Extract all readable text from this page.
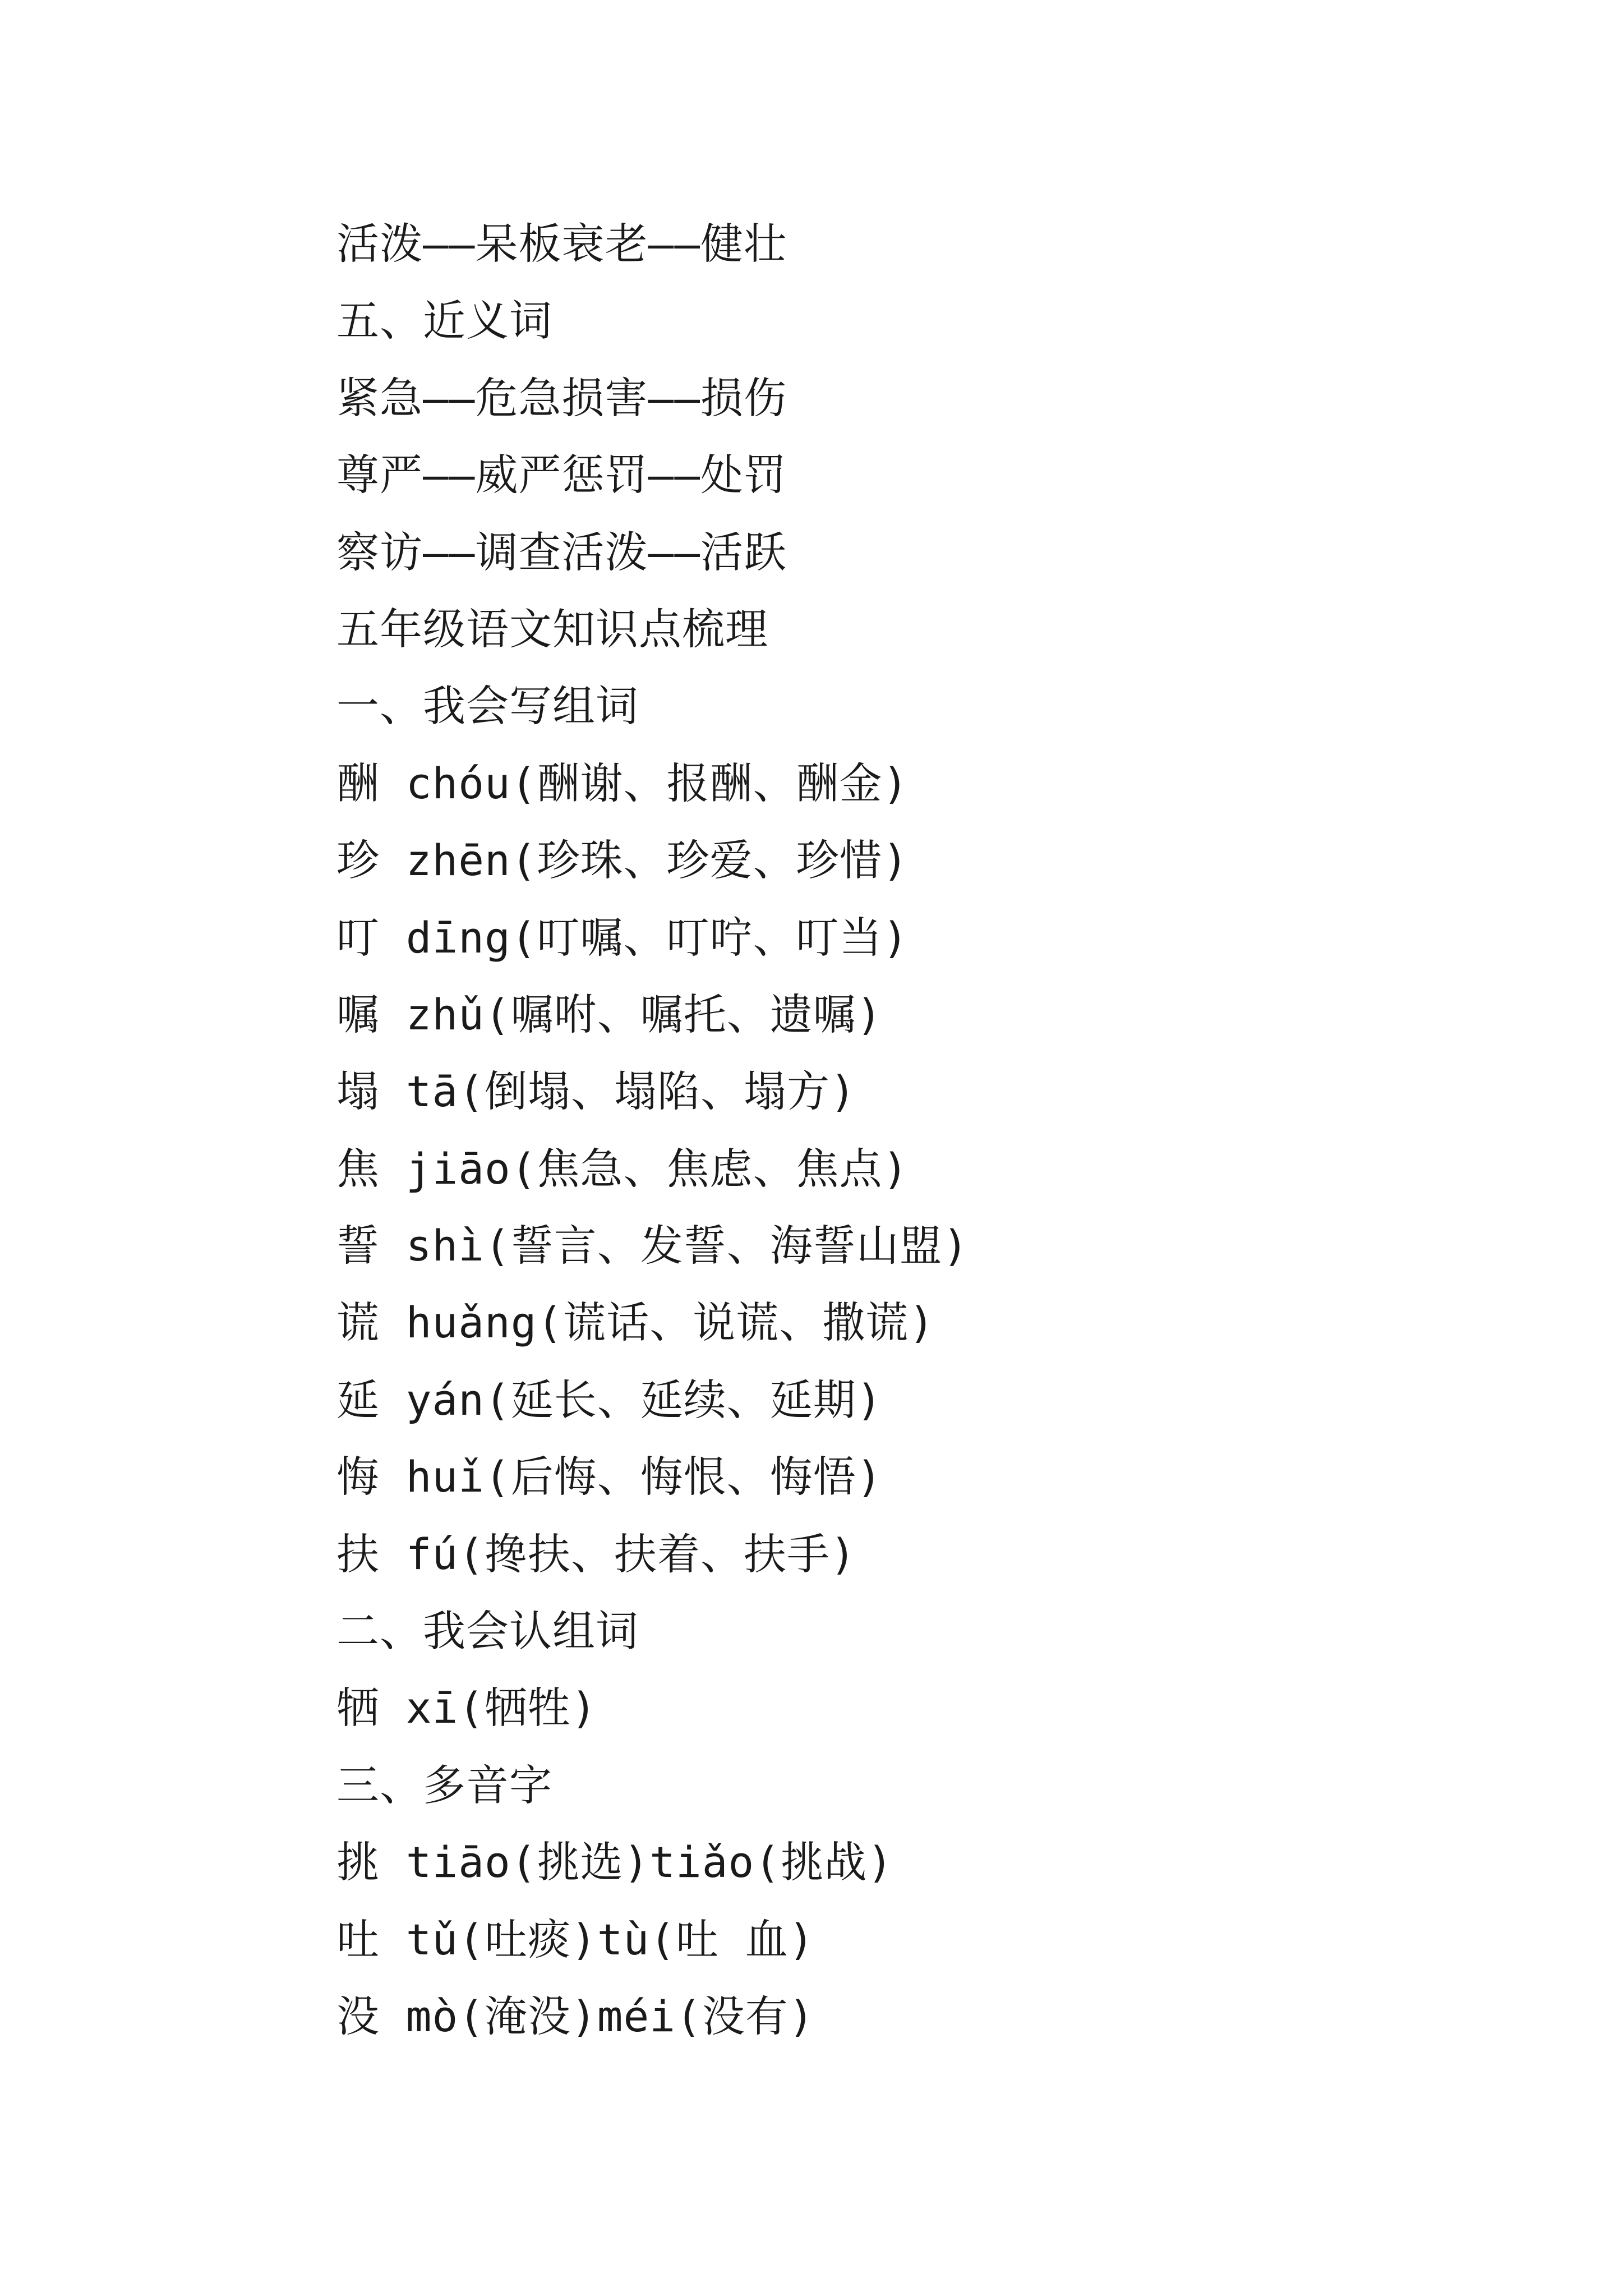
活泼——呆板衰老——健壮
五、近义词
紧急——危急损害——损伤
尊严——威严惩罚——处罚
察访——调查活泼——活跃
五年级语文知识点梳理
一、我会写组词
酬 chóu(酬谢、报酬、酬金)
珍 zhēn(珍珠、珍爱、珍惜)
叮 dīng(叮嘱、叮咛、叮当)
嘱 zhǔ(嘱咐、嘱托、遗嘱)
塌 tā(倒塌、塌陷、塌方)
焦 jiāo(焦急、焦虑、焦点)
誓 shì(誓言、发誓、海誓山盟)
谎 huǎng(谎话、说谎、撒谎)
延 yán(延长、延续、延期)
悔 huǐ(后悔、悔恨、悔悟)
扶 fú(搀扶、扶着、扶手)
二、我会认组词
牺 xī(牺牲)
三、多音字
挑 tiāo(挑选)tiǎo(挑战)
吐 tǔ(吐痰)tù(吐 血)
没 mò(淹没)méi(没有)
